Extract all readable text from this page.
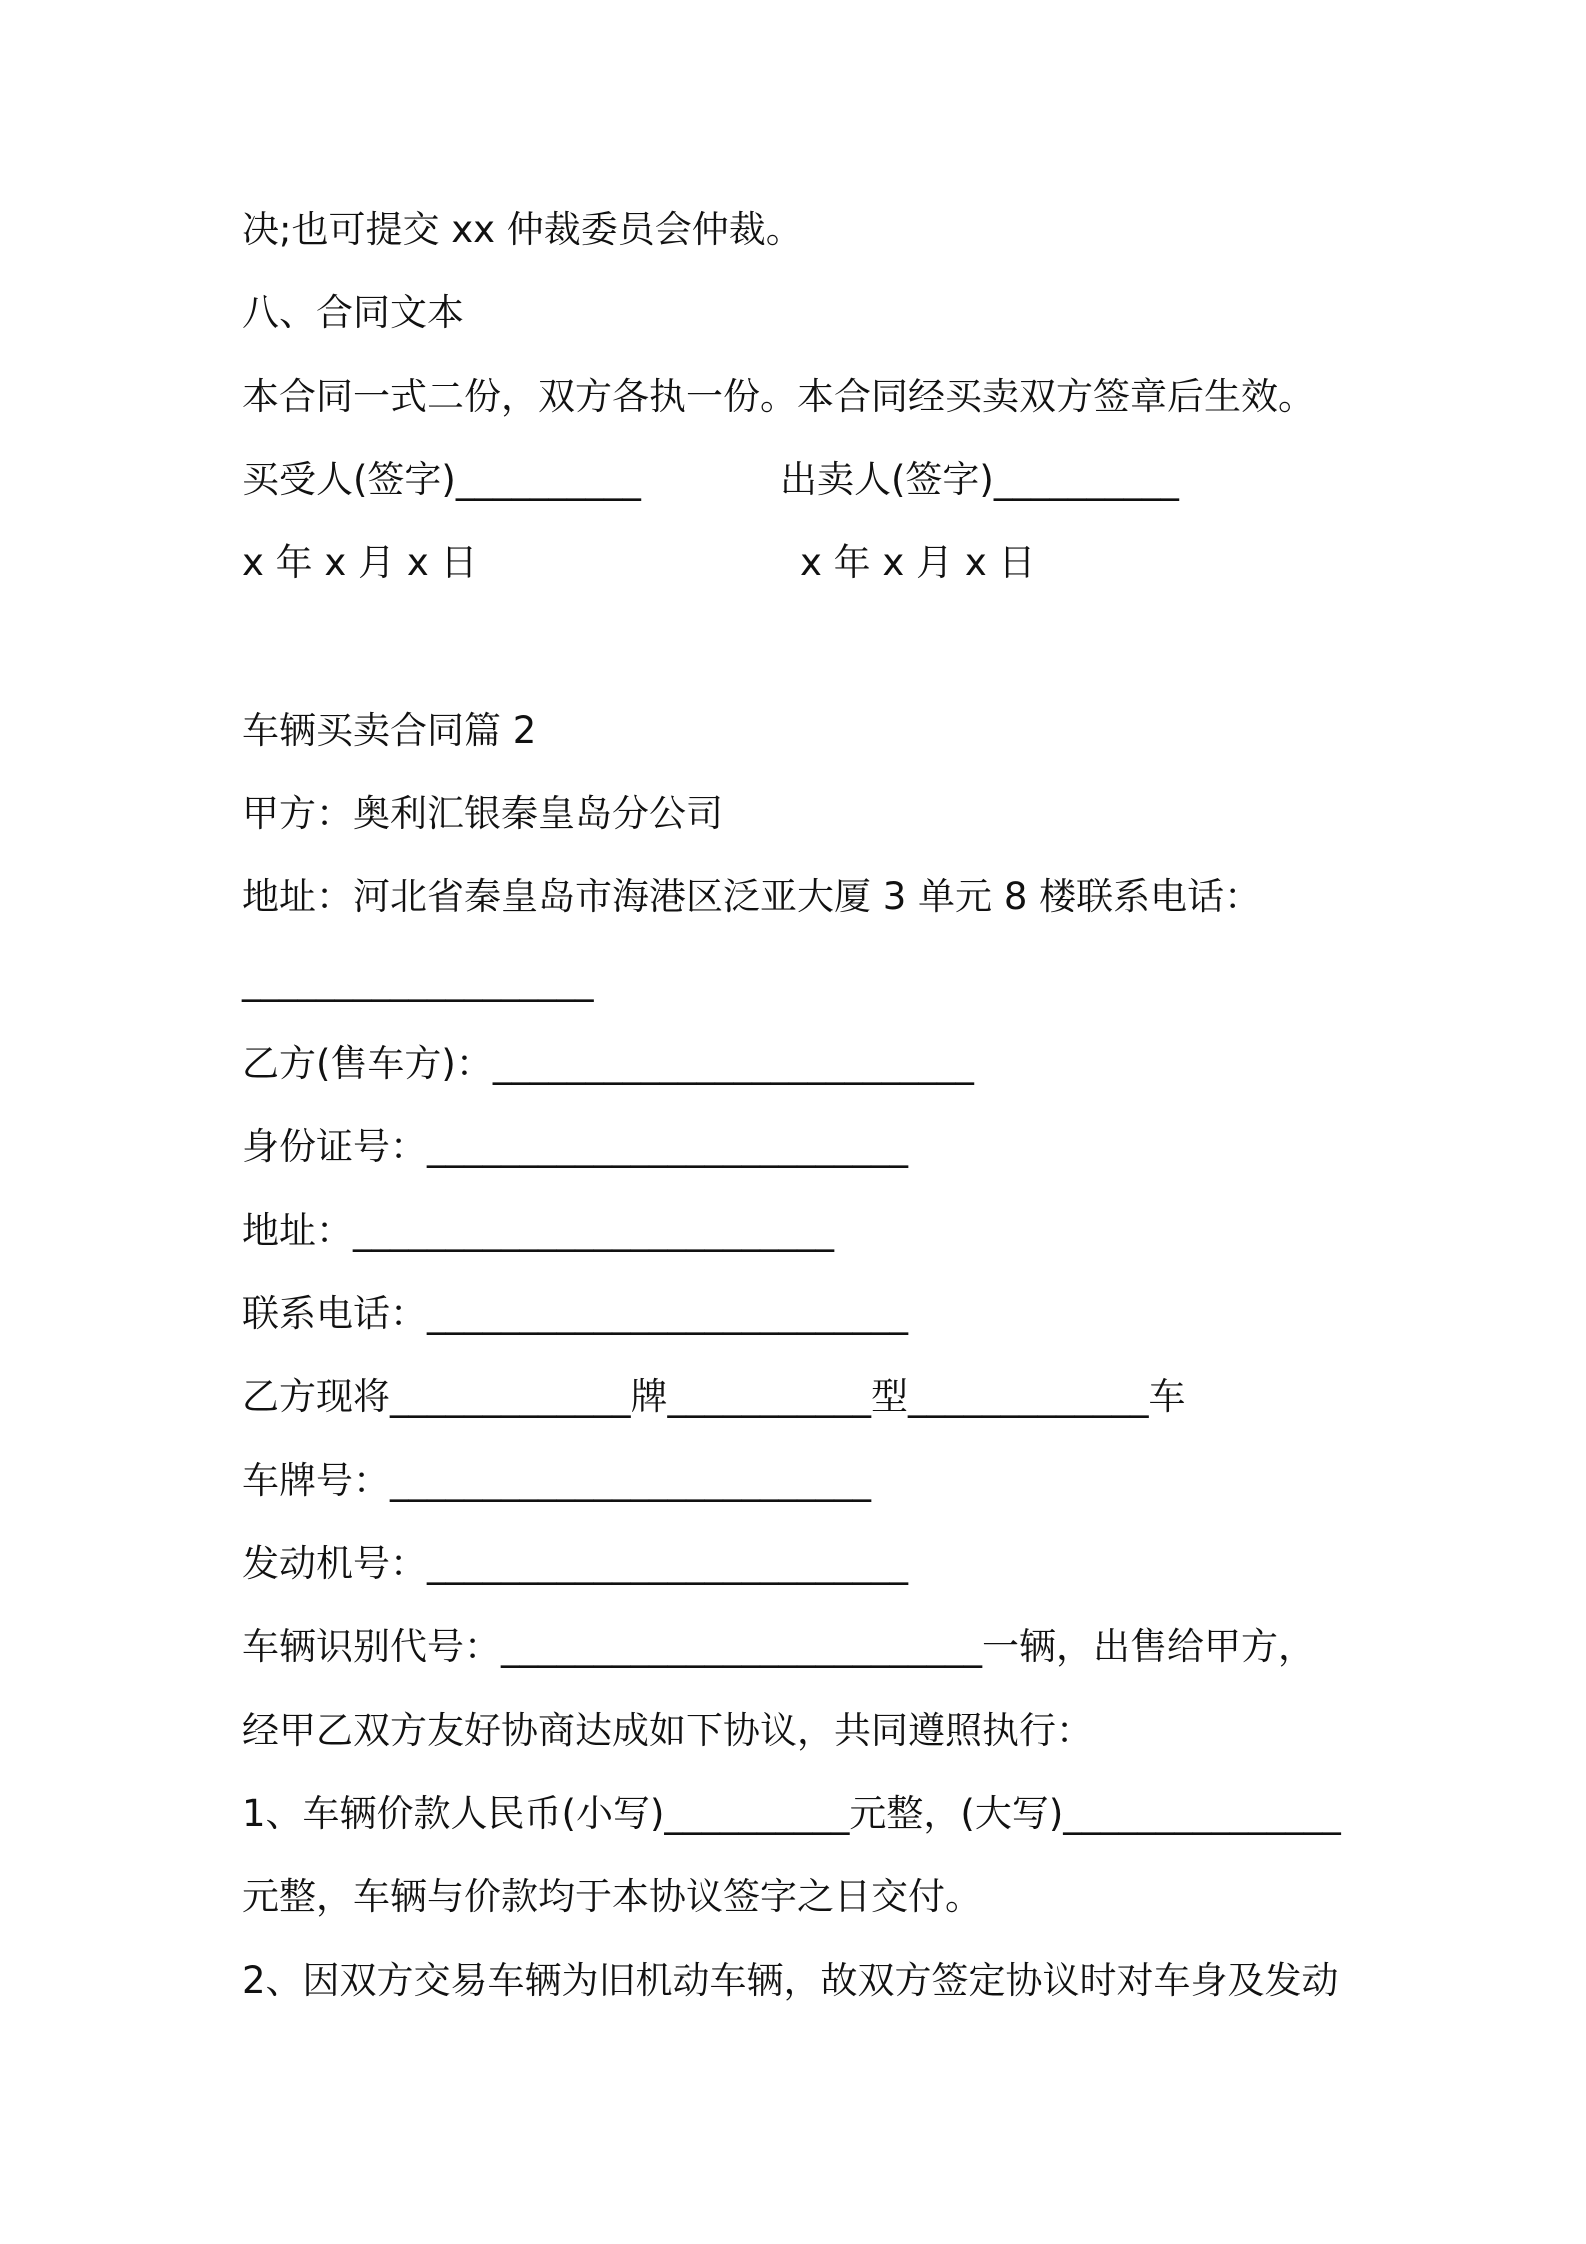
决;也可提交 xx 仲裁委员会仲裁。
八、合同文本
本合同一式二份，双方各执一份。本合同经买卖双方签章后生效。
买受人(签字)__________	出卖人(签字)__________
x 年 x 月 x 日	x 年 x 月 x 日
车辆买卖合同篇 2
甲方：奥利汇银秦皇岛分公司
地址：河北省秦皇岛市海港区泛亚大厦 3 单元 8 楼联系电话：
___________________
乙方(售车方)：__________________________
身份证号：__________________________
地址：__________________________
联系电话：__________________________
乙方现将_____________牌___________型_____________车
车牌号：__________________________
发动机号：__________________________
车辆识别代号：__________________________一辆，出售给甲方，
经甲乙双方友好协商达成如下协议，共同遵照执行：
1、车辆价款人民币(小写)__________元整，(大写)_______________
元整，车辆与价款均于本协议签字之日交付。
2、因双方交易车辆为旧机动车辆，故双方签定协议时对车身及发动
